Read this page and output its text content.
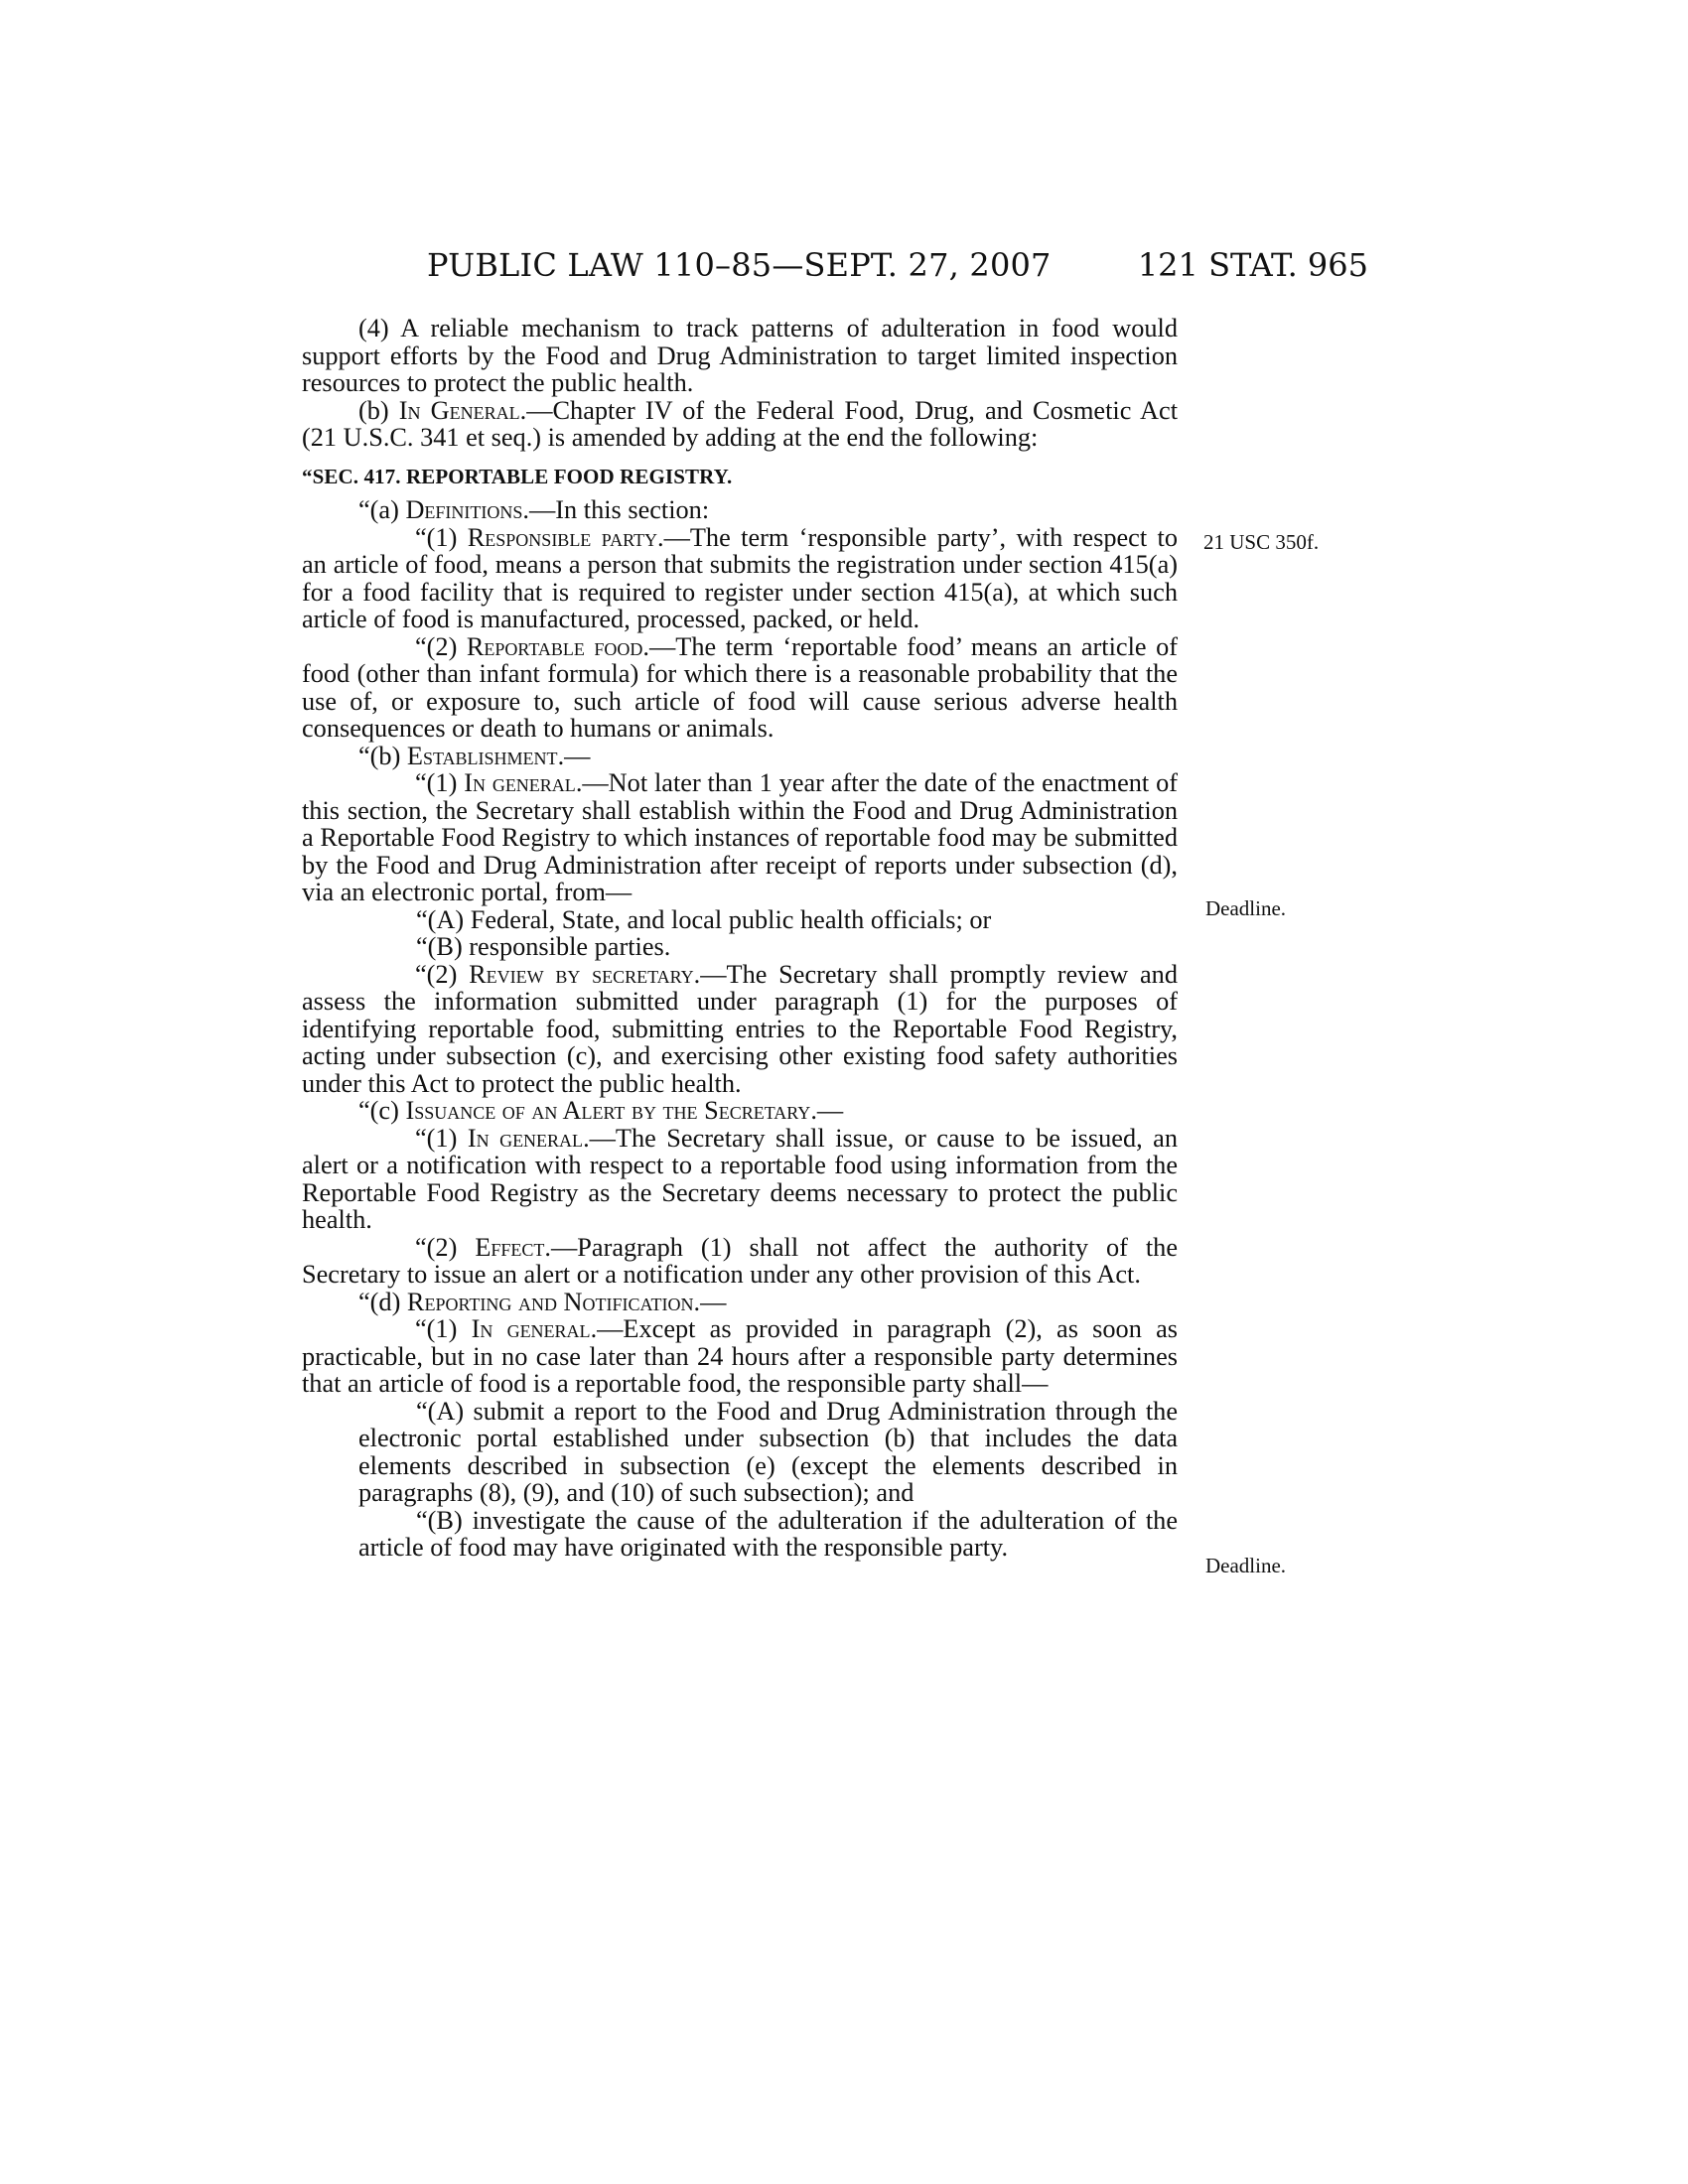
PUBLIC LAW 110–85—SEPT. 27, 2007	121 STAT. 965
21 USC 350f.
Deadline.
Deadline.

(4) A reliable mechanism to track patterns of adulteration in food would support efforts by the Food and Drug Administration to target limited inspection resources to protect the public health.

(b) In General.—Chapter IV of the Federal Food, Drug, and Cosmetic Act (21 U.S.C. 341 et seq.) is amended by adding at the end the following:

“SEC. 417. REPORTABLE FOOD REGISTRY.

“(a) Definitions.—In this section:

“(1) Responsible party.—The term ‘responsible party’, with respect to an article of food, means a person that submits the registration under section 415(a) for a food facility that is required to register under section 415(a), at which such article of food is manufactured, processed, packed, or held.

“(2) Reportable food.—The term ‘reportable food’ means an article of food (other than infant formula) for which there is a reasonable probability that the use of, or exposure to, such article of food will cause serious adverse health consequences or death to humans or animals.

“(b) Establishment.—

“(1) In general.—Not later than 1 year after the date of the enactment of this section, the Secretary shall establish within the Food and Drug Administration a Reportable Food Registry to which instances of reportable food may be submitted by the Food and Drug Administration after receipt of reports under subsection (d), via an electronic portal, from—

“(A) Federal, State, and local public health officials; or

“(B) responsible parties.

“(2) Review by secretary.—The Secretary shall promptly review and assess the information submitted under paragraph (1) for the purposes of identifying reportable food, submitting entries to the Reportable Food Registry, acting under subsection (c), and exercising other existing food safety authorities under this Act to protect the public health.

“(c) Issuance of an Alert by the Secretary.—

“(1) In general.—The Secretary shall issue, or cause to be issued, an alert or a notification with respect to a reportable food using information from the Reportable Food Registry as the Secretary deems necessary to protect the public health.

“(2) Effect.—Paragraph (1) shall not affect the authority of the Secretary to issue an alert or a notification under any other provision of this Act.

“(d) Reporting and Notification.—

“(1) In general.—Except as provided in paragraph (2), as soon as practicable, but in no case later than 24 hours after a responsible party determines that an article of food is a reportable food, the responsible party shall—

“(A) submit a report to the Food and Drug Administration through the electronic portal established under subsection (b) that includes the data elements described in subsection (e) (except the elements described in paragraphs (8), (9), and (10) of such subsection); and

“(B) investigate the cause of the adulteration if the adulteration of the article of food may have originated with the responsible party.
